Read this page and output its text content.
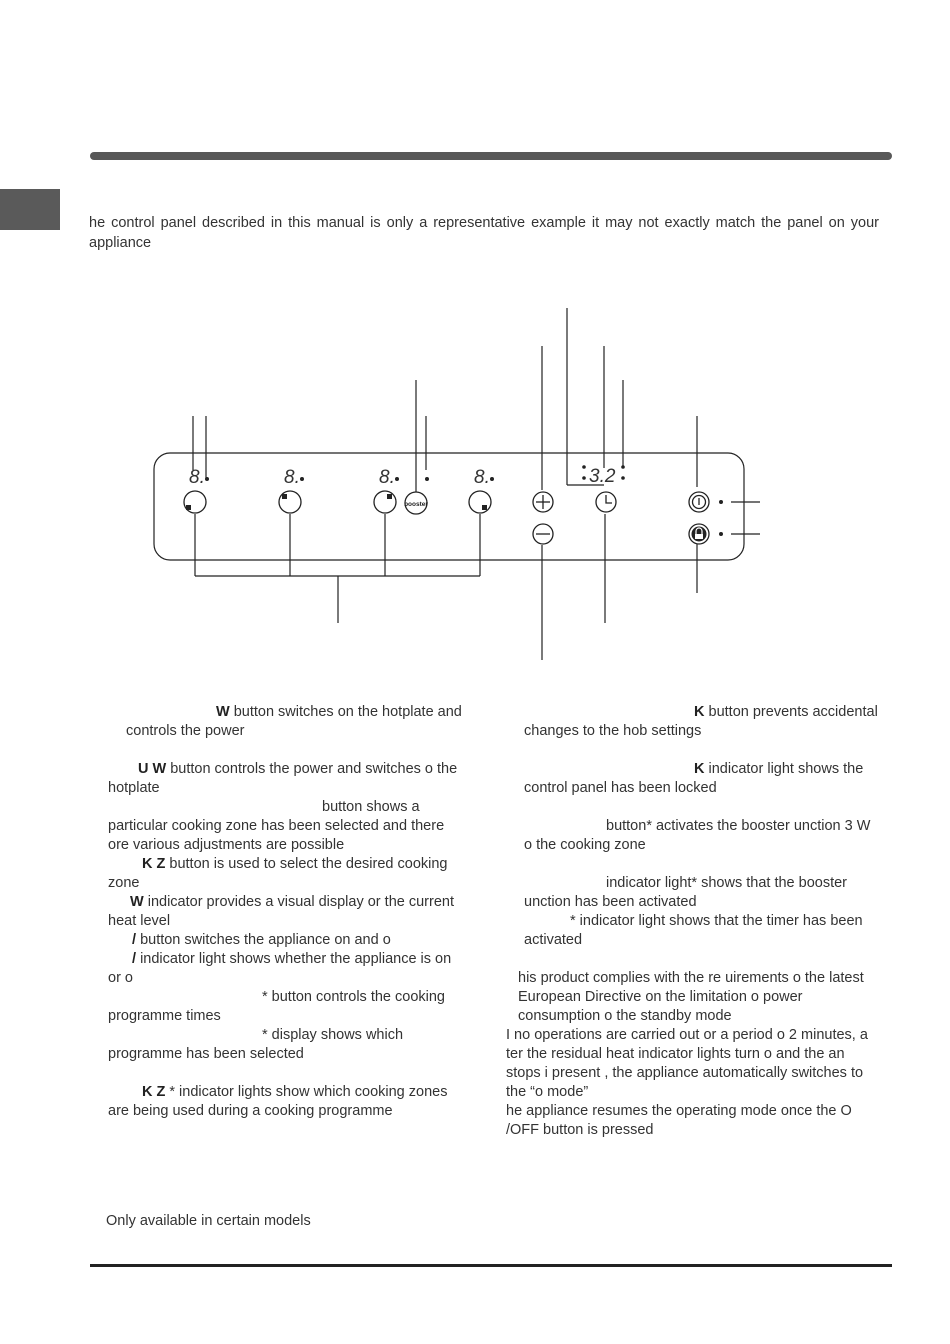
he control panel described in this manual is only a representative example it may not exactly match the panel on your appliance
8.	8.	8.	8.
booster
3.2

W button switches on the hotplate and controls the power

U W button controls the power and switches o the hotplate

button shows a particular cooking zone has been selected and there ore various adjustments are possible

K Z button is used to select the desired cooking zone

W indicator provides a visual display or the current heat level

/ button switches the appliance on and o

/ indicator light shows whether the appliance is on or o

* button controls the cooking programme times

* display shows which programme has been selected

K Z * indicator lights show which cooking zones are being used during a cooking programme

K button prevents accidental changes to the hob settings

K indicator light shows the control panel has been locked

button* activates the booster unction 3 W o the cooking zone

indicator light* shows that the booster unction has been activated

* indicator light shows that the timer has been activated

his product complies with the re uirements o the latest European Directive on the limitation o power consumption o the standby mode

I no operations are carried out or a period o 2 minutes, a ter the residual heat indicator lights turn o and the an stops i present , the appliance automatically switches to the “o mode”

he appliance resumes the operating mode once the O /OFF button is pressed

Only available in certain models
